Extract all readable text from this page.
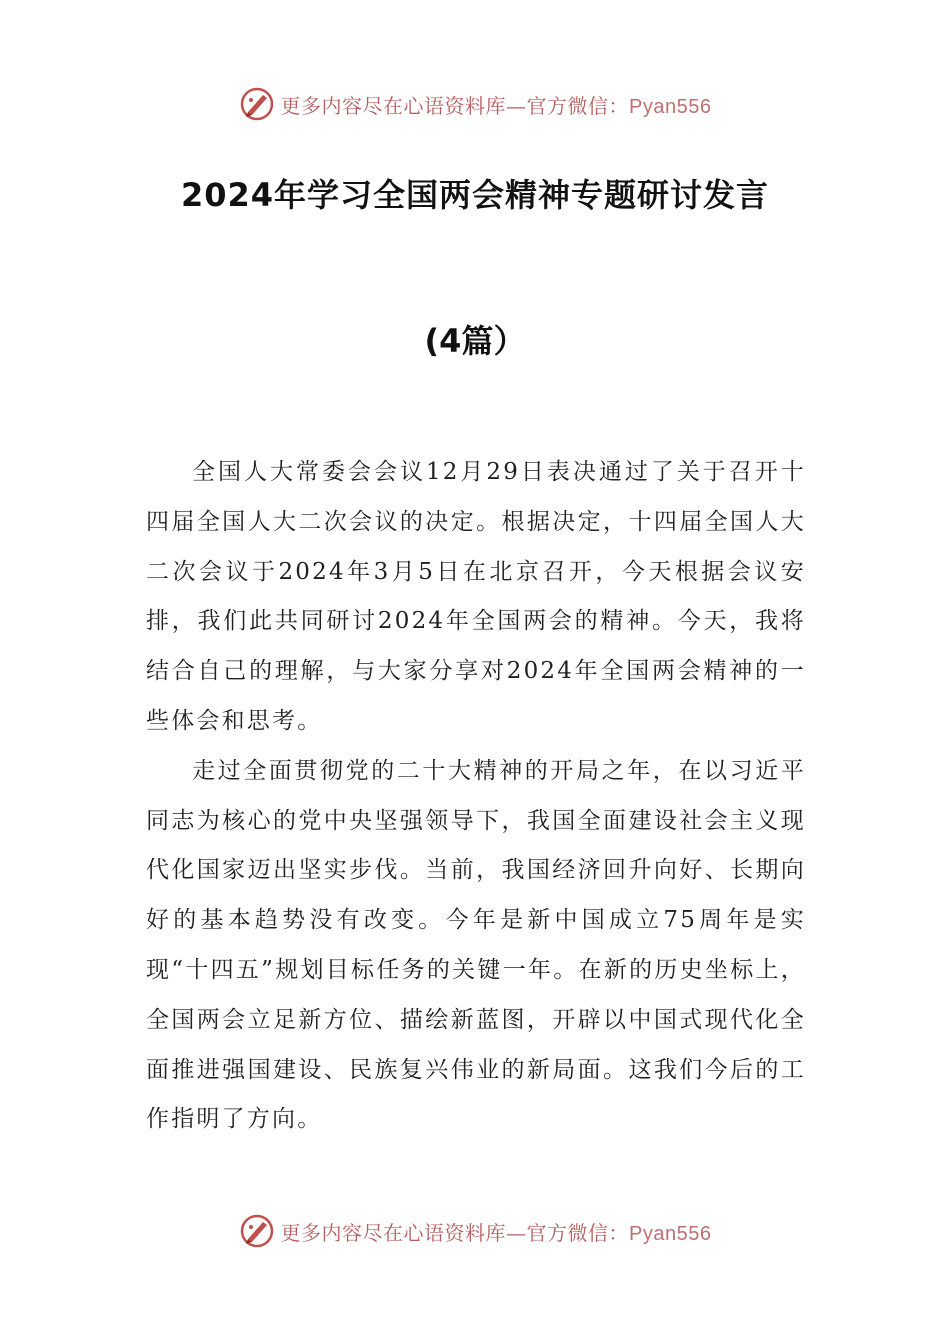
更多内容尽在心语资料库—官方微信：Pyan556
2024年学习全国两会精神专题研讨发言
(4篇）

全国人大常委会会议12月29日表决通过了关于召开十四届全国人大二次会议的决定。根据决定，十四届全国人大二次会议于2024年3月5日在北京召开，今天根据会议安排，我们此共同研讨2024年全国两会的精神。今天，我将结合自己的理解，与大家分享对2024年全国两会精神的一些体会和思考。

走过全面贯彻党的二十大精神的开局之年，在以习近平同志为核心的党中央坚强领导下，我国全面建设社会主义现代化国家迈出坚实步伐。当前，我国经济回升向好、长期向好的基本趋势没有改变。今年是新中国成立75周年是实现“十四五”规划目标任务的关键一年。在新的历史坐标上，全国两会立足新方位、描绘新蓝图，开辟以中国式现代化全面推进强国建设、民族复兴伟业的新局面。这我们今后的工作指明了方向。

更多内容尽在心语资料库—官方微信：Pyan556
